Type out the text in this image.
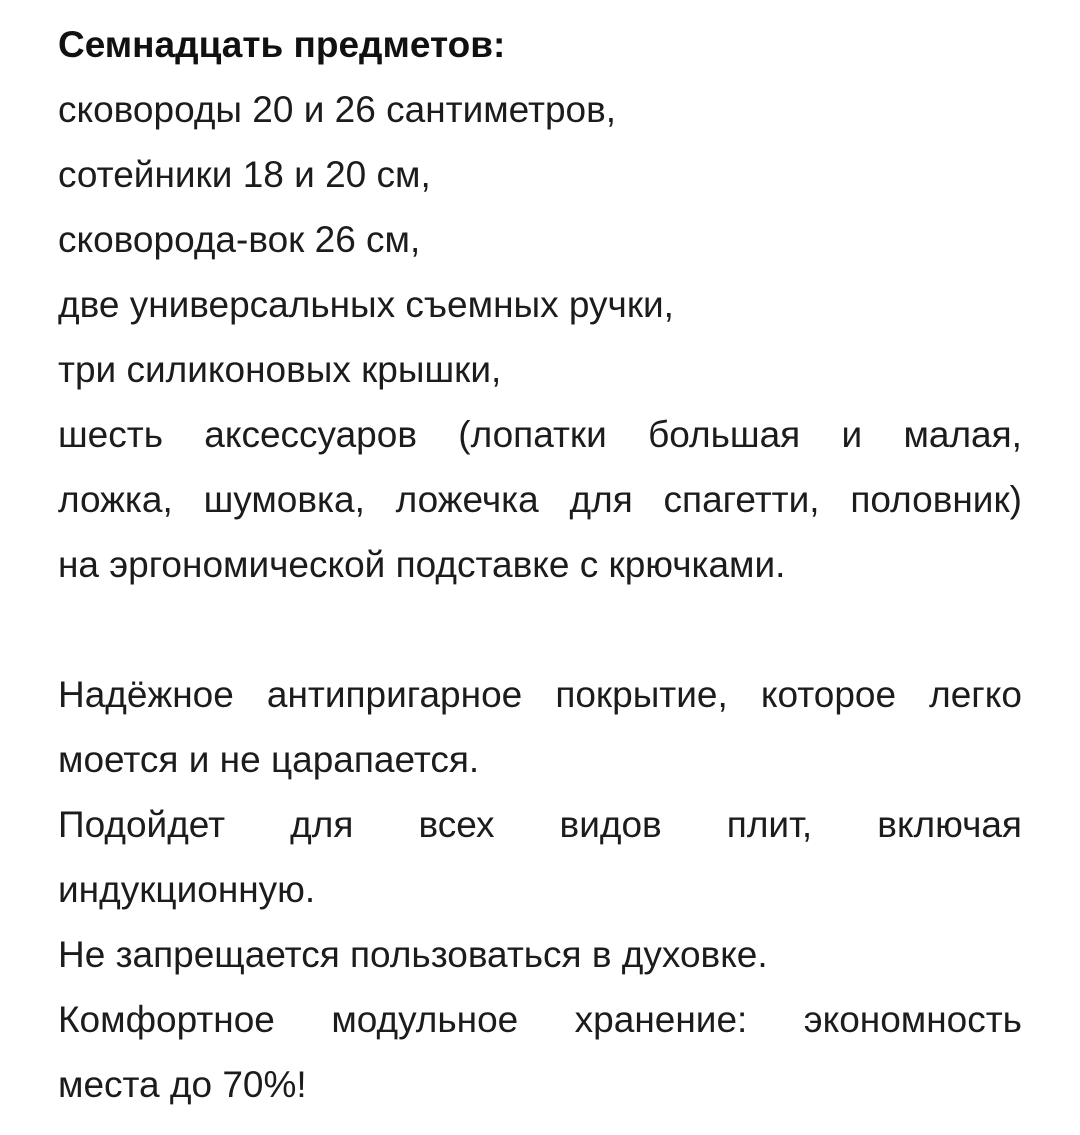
Семнадцать предметов:
сковороды 20 и 26 сантиметров,
сотейники 18 и 20 см,
сковорода-вок 26 см,
две универсальных съемных ручки,
три силиконовых крышки,
шесть аксессуаров (лопатки большая и малая,
ложка, шумовка, ложечка для спагетти, половник)
на эргономической подставке с крючками.
Надёжное антипригарное покрытие, которое легко
моется и не царапается.
Подойдет для всех видов плит, включая
индукционную.
Не запрещается пользоваться в духовке.
Комфортное модульное хранение: экономность
места до 70%!
